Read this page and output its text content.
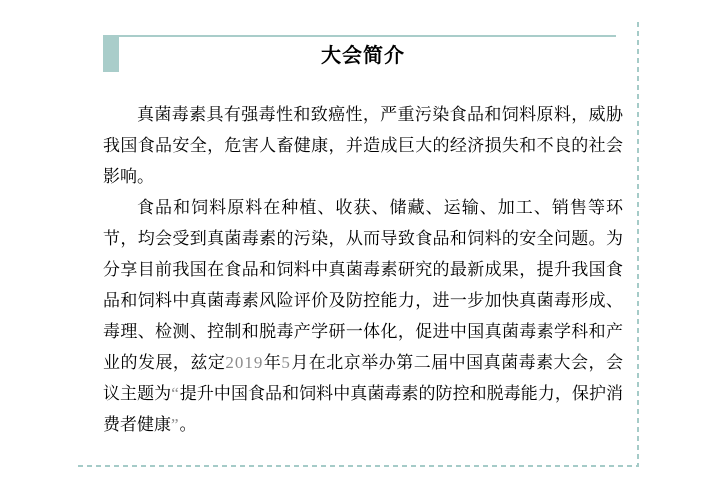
大会简介

真菌毒素具有强毒性和致癌性，严重污染食品和饲料原料，威胁我国食品安全，危害人畜健康，并造成巨大的经济损失和不良的社会影响。

食品和饲料原料在种植、收获、储藏、运输、加工、销售等环节，均会受到真菌毒素的污染，从而导致食品和饲料的安全问题。为分享目前我国在食品和饲料中真菌毒素研究的最新成果，提升我国食品和饲料中真菌毒素风险评价及防控能力，进一步加快真菌毒形成、毒理、检测、控制和脱毒产学研一体化，促进中国真菌毒素学科和产业的发展，兹定2019年5月在北京举办第二届中国真菌毒素大会，会议主题为“提升中国食品和饲料中真菌毒素的防控和脱毒能力，保护消费者健康”。
